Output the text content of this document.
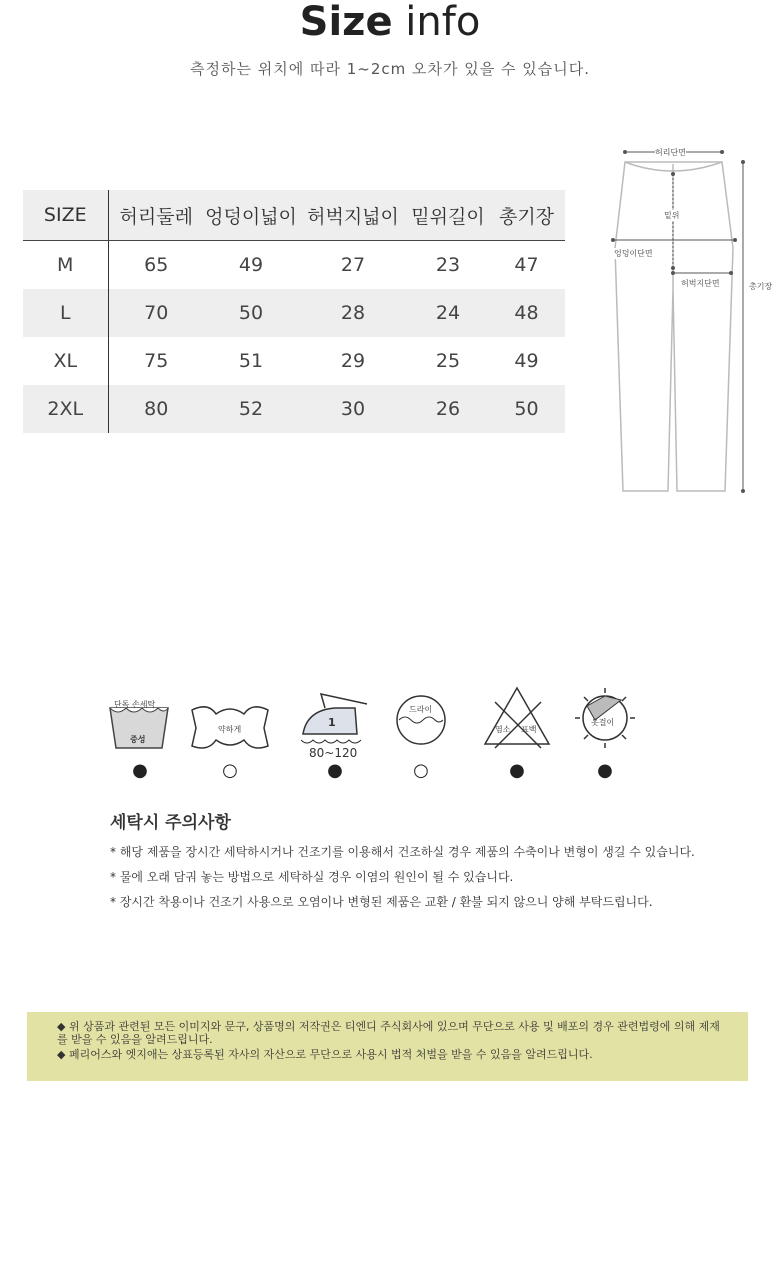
Size info
측정하는 위치에 따라 1~2cm 오차가 있을 수 있습니다.
SIZE	허리둘레	엉덩이넓이	허벅지넓이	밑위길이	총기장
M	65	49	27	23	47
L	70	50	28	24	48
XL	75	51	29	25	49
2XL	80	52	30	26	50
허리단면
밑위
엉덩이단면
허벅지단면	총기장
단독 손세탁
중성
●
약하게
○
1
80~120
●
드라이
○
염소 표백
●
옷걸이
●
세탁시 주의사항
* 해당 제품을 장시간 세탁하시거나 건조기를 이용해서 건조하실 경우 제품의 수축이나 변형이 생길 수 있습니다.
* 물에 오래 담궈 놓는 방법으로 세탁하실 경우 이염의 원인이 될 수 있습니다.
* 장시간 착용이나 건조기 사용으로 오염이나 변형된 제품은 교환 / 환불 되지 않으니 양해 부탁드립니다.

◆ 위 상품과 관련된 모든 이미지와 문구, 상품명의 저작권은 티엔디 주식회사에 있으며 무단으로 사용 및 배포의 경우 관련법령에 의해 제재를 받을 수 있음을 알려드립니다.

◆ 페리어스와 엣지애는 상표등록된 자사의 자산으로 무단으로 사용시 법적 처벌을 받을 수 있음을 알려드립니다.
